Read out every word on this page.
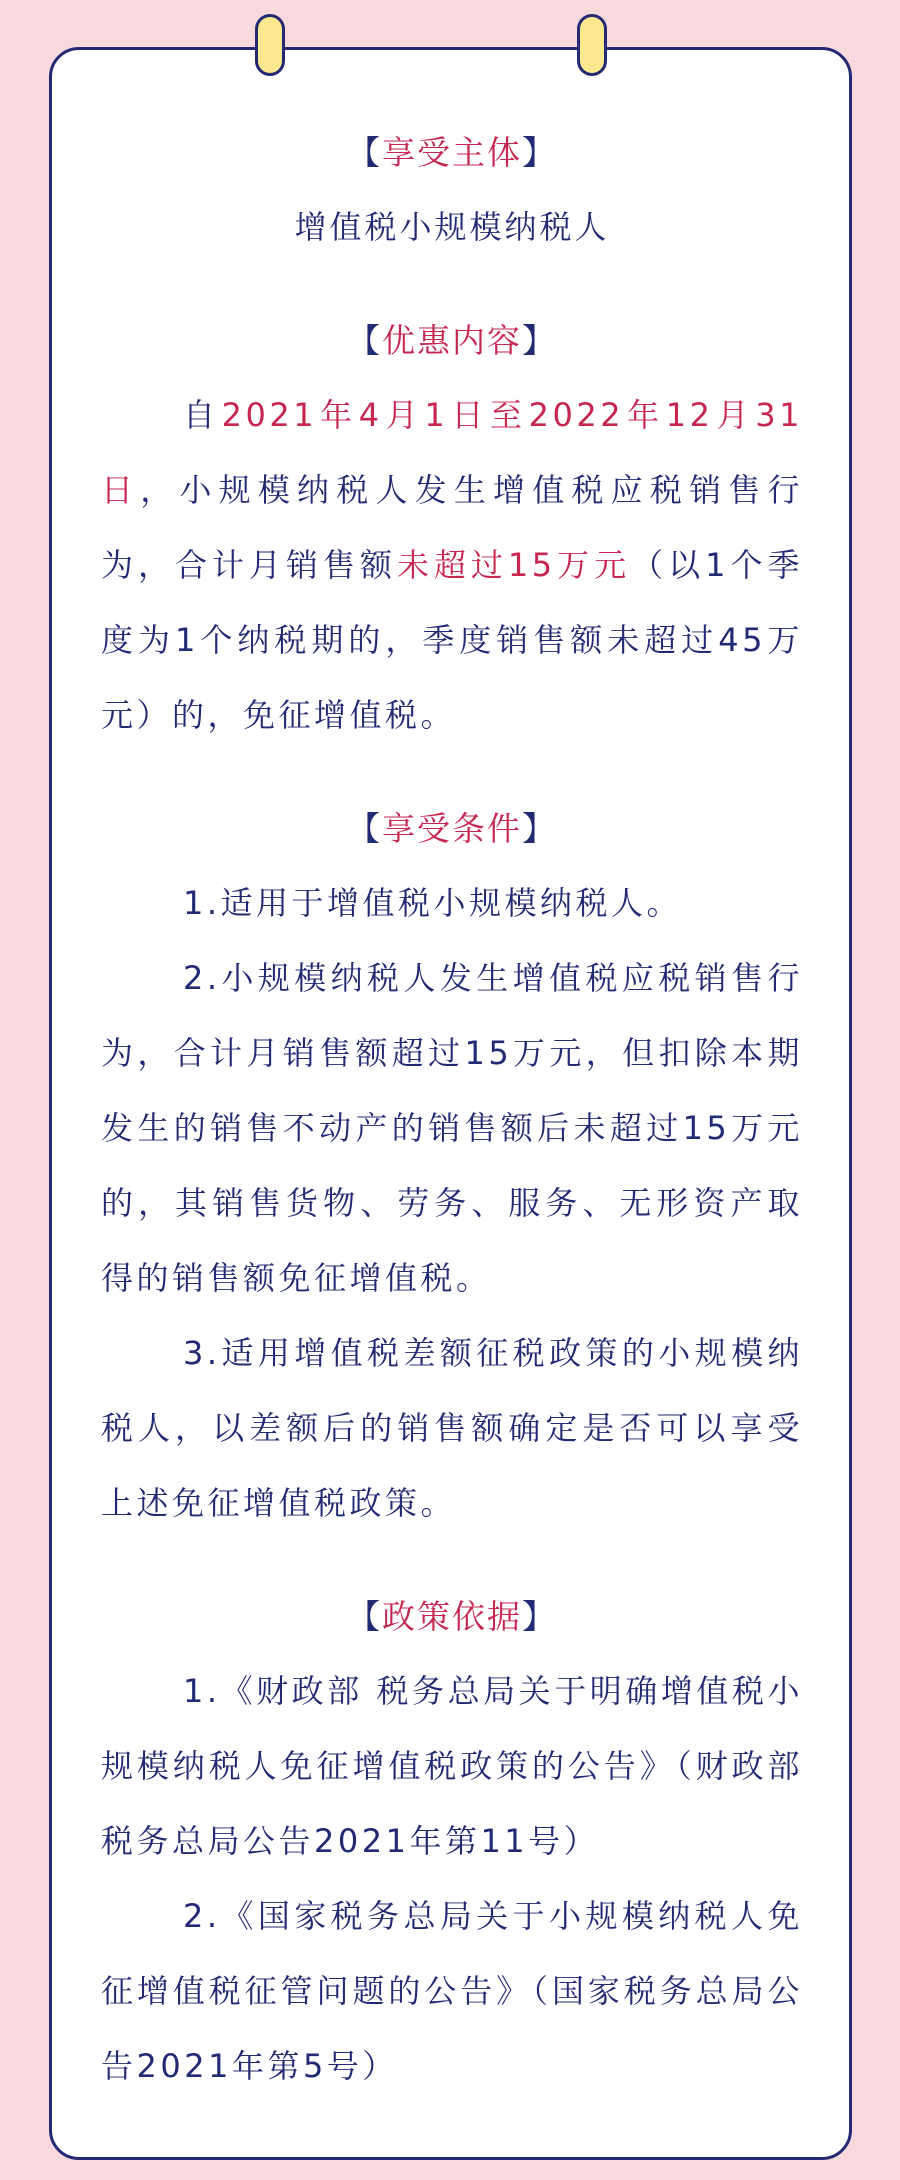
【享受主体】
增值税小规模纳税人
【优惠内容】

自2021年4月1日至2022年12月31日，小规模纳税人发生增值税应税销售行为，合计月销售额未超过15万元（以1个季度为1个纳税期的，季度销售额未超过45万元）的，免征增值税。

【享受条件】

1.适用于增值税小规模纳税人。

2.小规模纳税人发生增值税应税销售行为，合计月销售额超过15万元，但扣除本期发生的销售不动产的销售额后未超过15万元的，其销售货物、劳务、服务、无形资产取得的销售额免征增值税。

3.适用增值税差额征税政策的小规模纳税人，以差额后的销售额确定是否可以享受上述免征增值税政策。

【政策依据】

1.《财政部 税务总局关于明确增值税小规模纳税人免征增值税政策的公告》（财政部 税务总局公告2021年第11号）

2.《国家税务总局关于小规模纳税人免征增值税征管问题的公告》（国家税务总局公告2021年第5号）
